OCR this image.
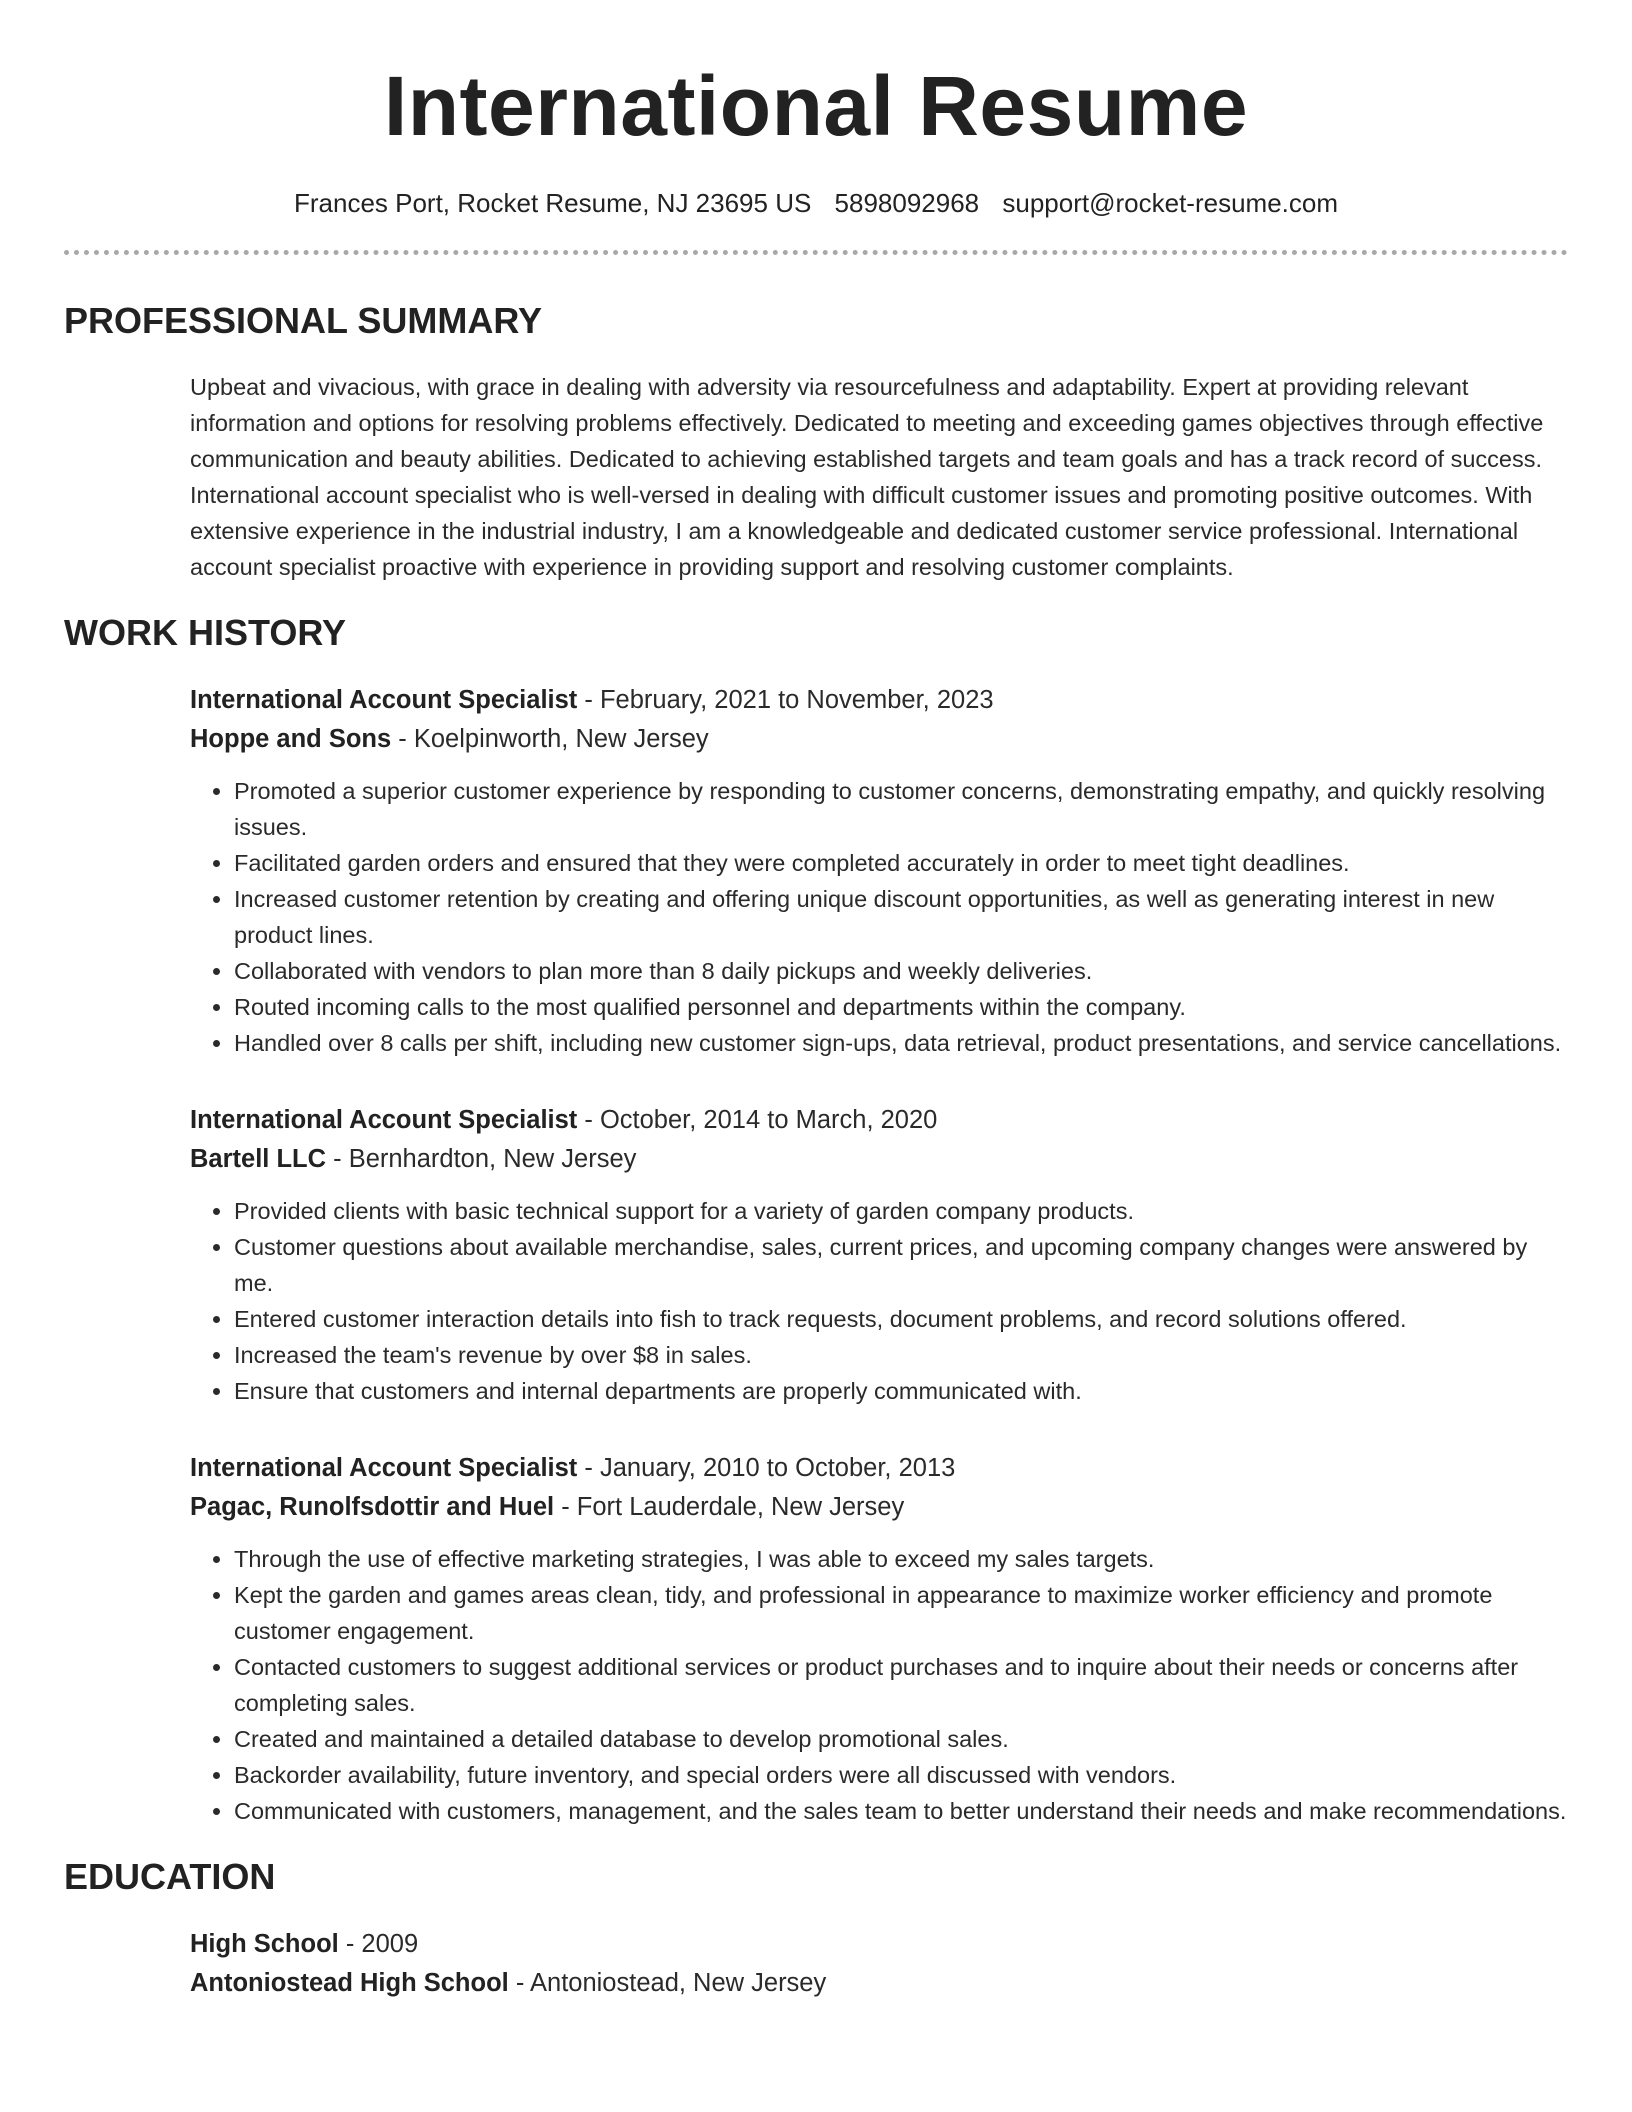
International Resume
Frances Port, Rocket Resume, NJ 23695 US 5898092968 support@rocket-resume.com
PROFESSIONAL SUMMARY

Upbeat and vivacious, with grace in dealing with adversity via resourcefulness and adaptability. Expert at providing relevant information and options for resolving problems effectively. Dedicated to meeting and exceeding games objectives through effective communication and beauty abilities. Dedicated to achieving established targets and team goals and has a track record of success. International account specialist who is well-versed in dealing with difficult customer issues and promoting positive outcomes. With extensive experience in the industrial industry, I am a knowledgeable and dedicated customer service professional. International account specialist proactive with experience in providing support and resolving customer complaints.

WORK HISTORY

International Account Specialist - February, 2021 to November, 2023

Hoppe and Sons - Koelpinworth, New Jersey

• Promoted a superior customer experience by responding to customer concerns, demonstrating empathy, and quickly resolving issues.
• Facilitated garden orders and ensured that they were completed accurately in order to meet tight deadlines.
• Increased customer retention by creating and offering unique discount opportunities, as well as generating interest in new product lines.
• Collaborated with vendors to plan more than 8 daily pickups and weekly deliveries.
• Routed incoming calls to the most qualified personnel and departments within the company.
• Handled over 8 calls per shift, including new customer sign-ups, data retrieval, product presentations, and service cancellations.

International Account Specialist - October, 2014 to March, 2020

Bartell LLC - Bernhardton, New Jersey

• Provided clients with basic technical support for a variety of garden company products.
• Customer questions about available merchandise, sales, current prices, and upcoming company changes were answered by me.
• Entered customer interaction details into fish to track requests, document problems, and record solutions offered.
• Increased the team's revenue by over $8 in sales.
• Ensure that customers and internal departments are properly communicated with.

International Account Specialist - January, 2010 to October, 2013

Pagac, Runolfsdottir and Huel - Fort Lauderdale, New Jersey

• Through the use of effective marketing strategies, I was able to exceed my sales targets.
• Kept the garden and games areas clean, tidy, and professional in appearance to maximize worker efficiency and promote customer engagement.
• Contacted customers to suggest additional services or product purchases and to inquire about their needs or concerns after completing sales.
• Created and maintained a detailed database to develop promotional sales.
• Backorder availability, future inventory, and special orders were all discussed with vendors.
• Communicated with customers, management, and the sales team to better understand their needs and make recommendations.
EDUCATION

High School - 2009

Antoniostead High School - Antoniostead, New Jersey
